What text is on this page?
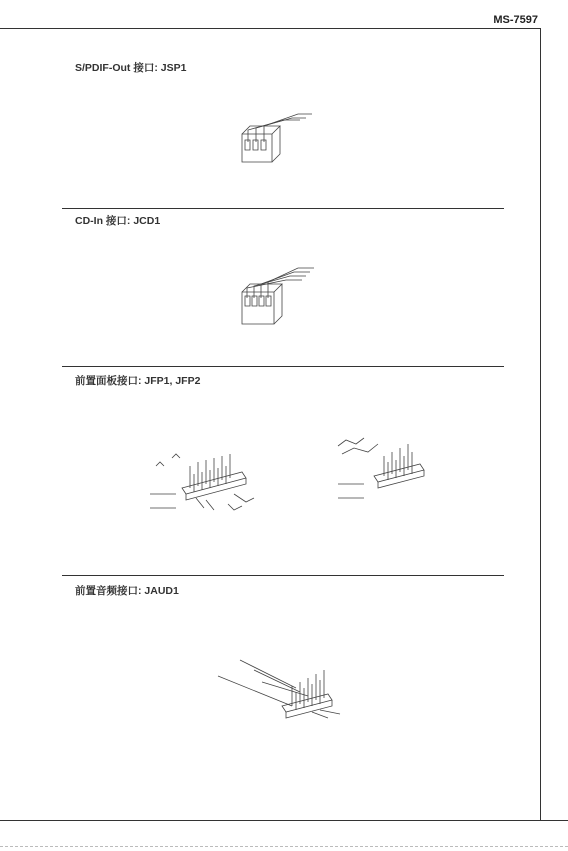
MS-7597
S/PDIF-Out 接口: JSP1
CD-In 接口: JCD1
前置面板接口: JFP1, JFP2
前置音频接口: JAUD1
